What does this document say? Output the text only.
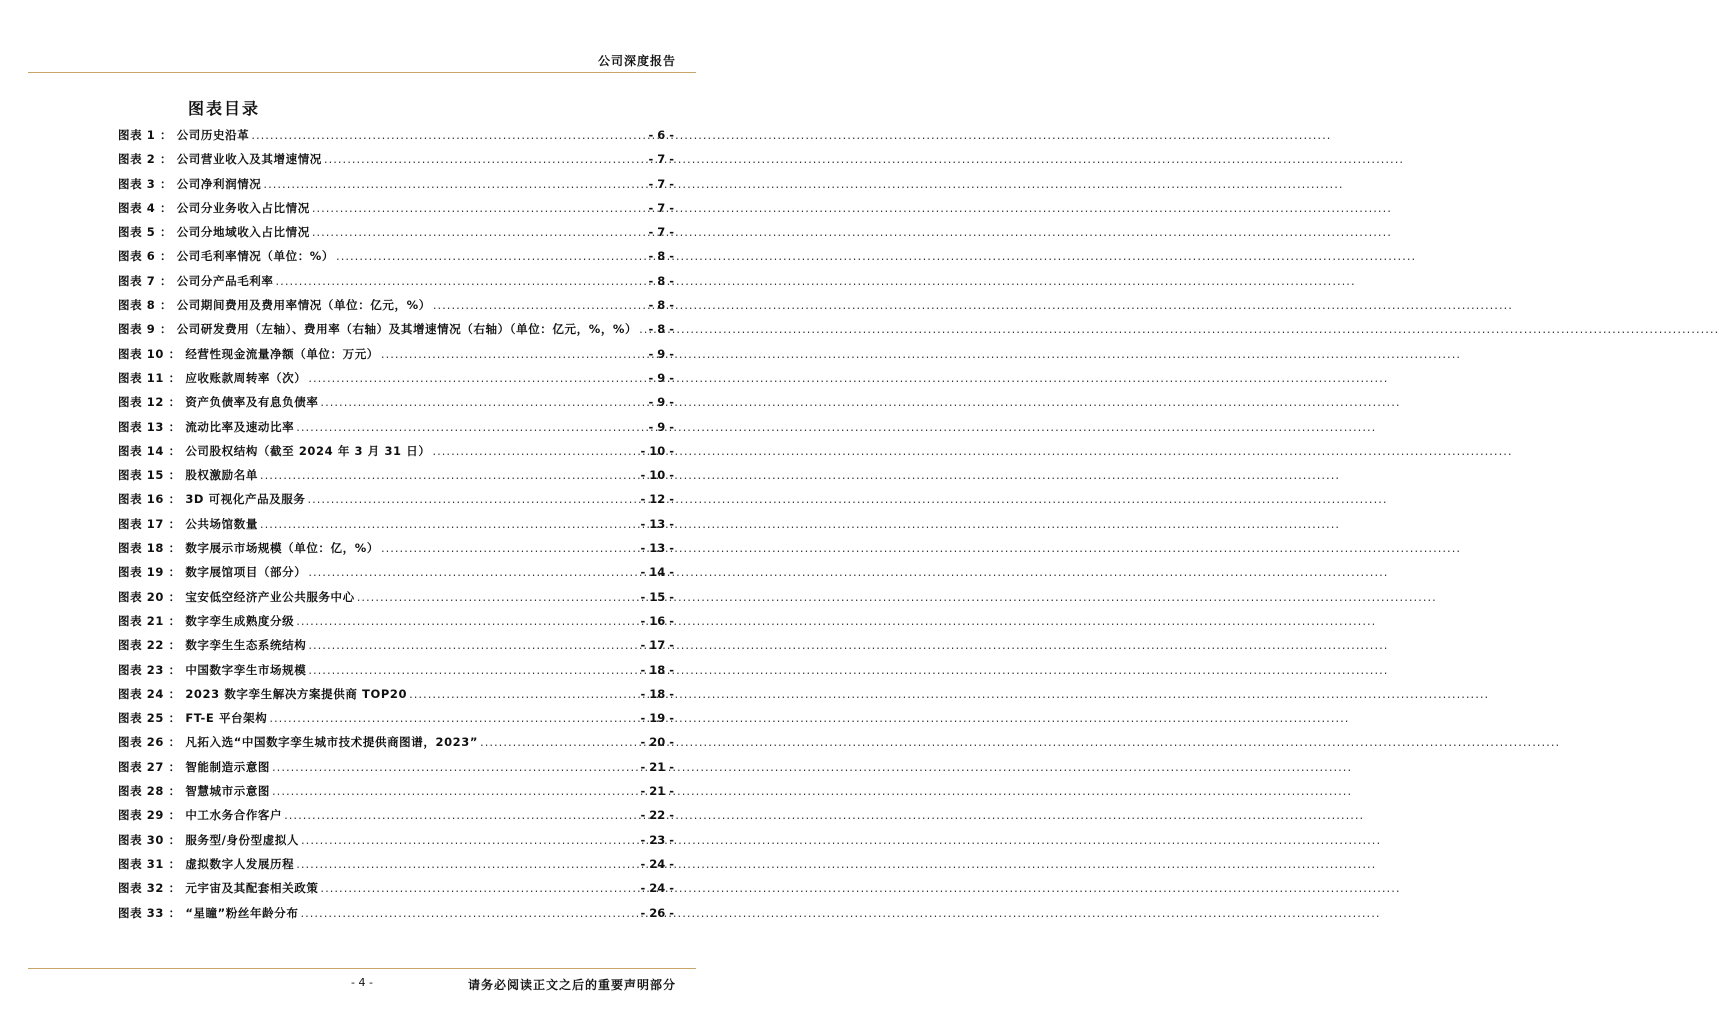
公司深度报告
图表目录
图表 1 ： 公司历史沿革 .....	- 6 -
图表 2 ： 公司营业收入及其增速情况 .....	- 7 -
图表 3 ： 公司净利润情况 .....	- 7 -
图表 4 ： 公司分业务收入占比情况 .....	- 7 -
图表 5 ： 公司分地域收入占比情况 .....	- 7 -
图表 6 ： 公司毛利率情况（单位：%） .....	- 8 -
图表 7 ： 公司分产品毛利率 .....	- 8 -
图表 8 ： 公司期间费用及费用率情况（单位：亿元，%） .....	- 8 -
图表 9 ： 公司研发费用（左轴）、费用率（右轴）及其增速情况（右轴）（单位：亿元，%，%） ..... - 8 -
图表 10 ： 经营性现金流量净额（单位：万元） .....	- 9 -
图表 11 ： 应收账款周转率（次） .....	- 9 -
图表 12 ： 资产负债率及有息负债率 .....	- 9 -
图表 13 ： 流动比率及速动比率 .....	- 9 -
图表 14 ： 公司股权结构（截至 2024 年 3 月 31 日） .....	- 10 -
图表 15 ： 股权激励名单 .....	- 10 -
图表 16 ： 3D 可视化产品及服务 .....	- 12 -
图表 17 ： 公共场馆数量 .....	- 13 -
图表 18 ： 数字展示市场规模（单位：亿，%） .....	- 13 -
图表 19 ： 数字展馆项目（部分） .....	- 14 -
图表 20 ： 宝安低空经济产业公共服务中心 .....	- 15 -
图表 21 ： 数字孪生成熟度分级 .....	- 16 -
图表 22 ： 数字孪生生态系统结构 .....	- 17 -
图表 23 ： 中国数字孪生市场规模 .....	- 18 -
图表 24 ： 2023 数字孪生解决方案提供商 TOP20 .....	- 18 -
图表 25 ： FT-E 平台架构 .....	- 19 -
图表 26 ： 凡拓入选“中国数字孪生城市技术提供商图谱，2023” .....	- 20 -
图表 27 ： 智能制造示意图 .....	- 21 -
图表 28 ： 智慧城市示意图 .....	- 21 -
图表 29 ： 中工水务合作客户 .....	- 22 -
图表 30 ： 服务型/身份型虚拟人 .....	- 23 -
图表 31 ： 虚拟数字人发展历程 .....	- 24 -
图表 32 ： 元宇宙及其配套相关政策 .....	- 24 -
图表 33 ： “星瞳”粉丝年龄分布 .....	- 26 -
- 4 -	请务必阅读正文之后的重要声明部分
